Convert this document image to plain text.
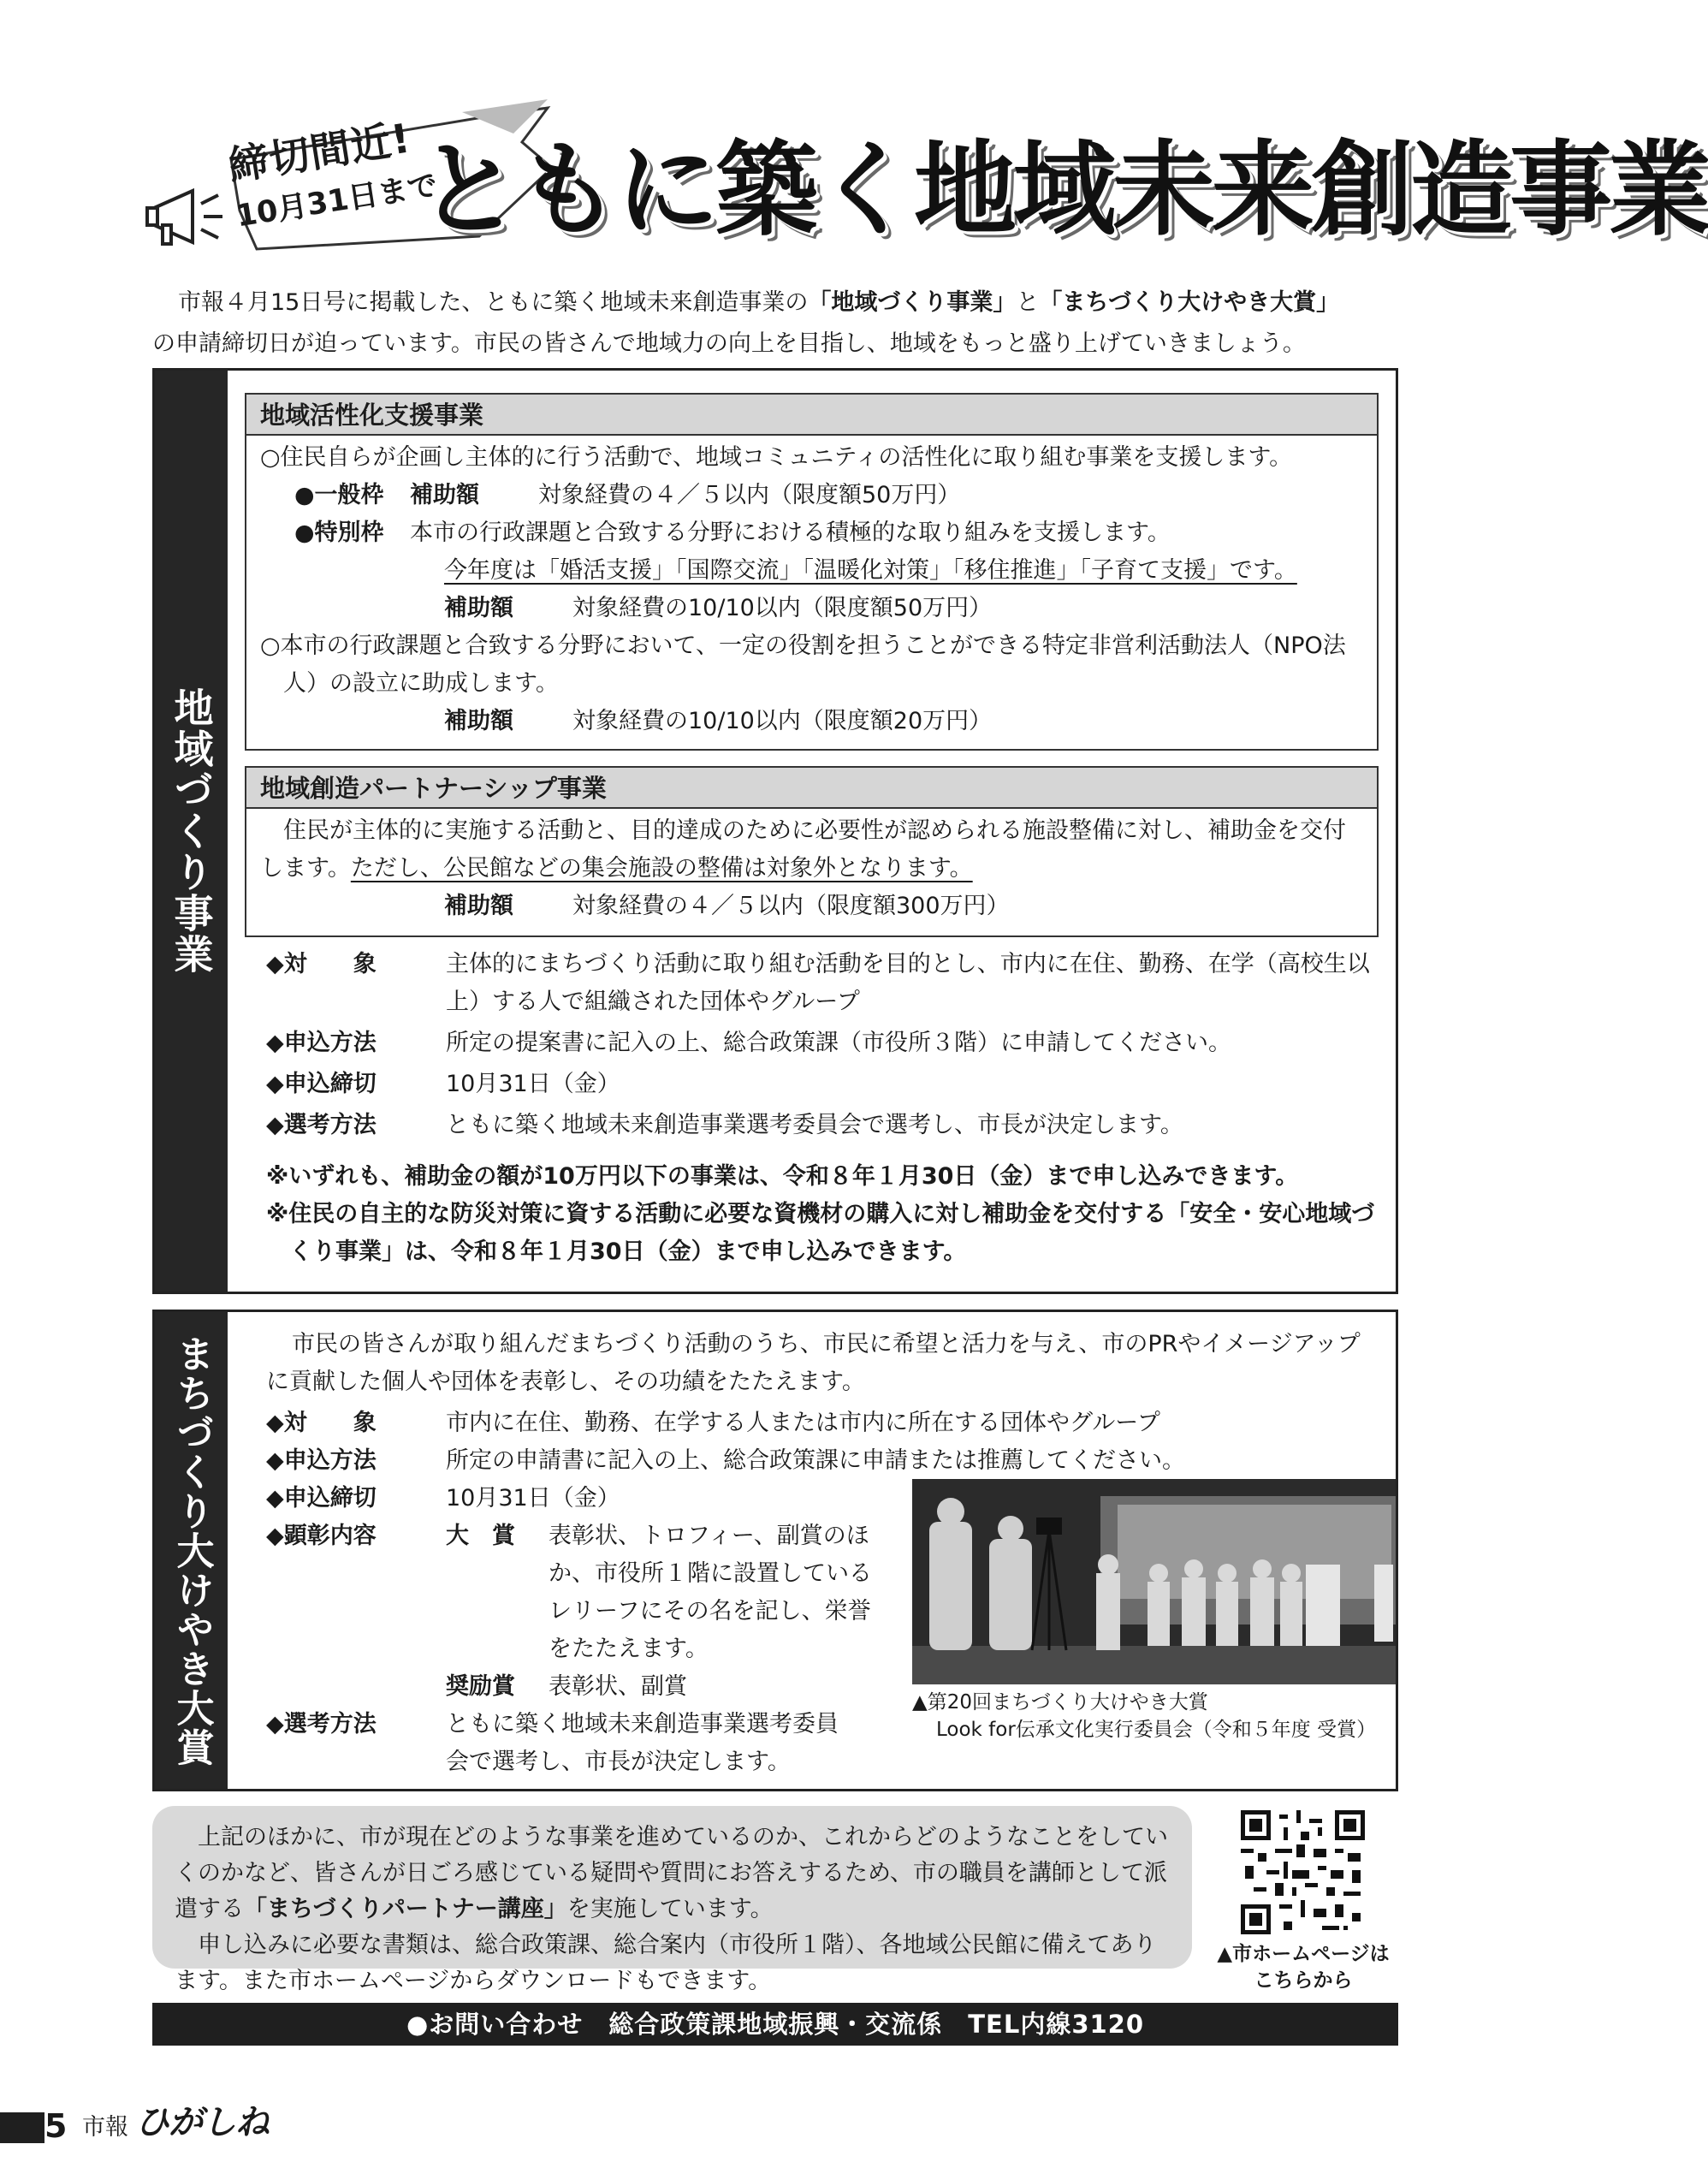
締切間近!
10月31日まで
ともに築く地域未来創造事業

市報４月15日号に掲載した、ともに築く地域未来創造事業の「地域づくり事業」と「まちづくり大けやき大賞」

の申請締切日が迫っています。市民の皆さんで地域力の向上を目指し、地域をもっと盛り上げていきましょう。

地域づくり事業
地域活性化支援事業
○住民自らが企画し主体的に行う活動で、地域コミュニティの活性化に取り組む事業を支援します。
●一般枠	補助額	対象経費の４／５以内（限度額50万円）
●特別枠	本市の行政課題と合致する分野における積極的な取り組みを支援します。
今年度は「婚活支援」「国際交流」「温暖化対策」「移住推進」「子育て支援」です。
補助額	対象経費の10/10以内（限度額50万円）
○本市の行政課題と合致する分野において、一定の役割を担うことができる特定非営利活動法人（NPO法人）の設立に助成します。
補助額	対象経費の10/10以内（限度額20万円）
地域創造パートナーシップ事業
住民が主体的に実施する活動と、目的達成のために必要性が認められる施設整備に対し、補助金を交付します。ただし、公民館などの集会施設の整備は対象外となります。
補助額	対象経費の４／５以内（限度額300万円）
◆対　　象	主体的にまちづくり活動に取り組む活動を目的とし、市内に在住、勤務、在学（高校生以上）する人で組織された団体やグループ
◆申込方法	所定の提案書に記入の上、総合政策課（市役所３階）に申請してください。
◆申込締切	10月31日（金）
◆選考方法	ともに築く地域未来創造事業選考委員会で選考し、市長が決定します。
※いずれも、補助金の額が10万円以下の事業は、令和８年１月30日（金）まで申し込みできます。
※住民の自主的な防災対策に資する活動に必要な資機材の購入に対し補助金を交付する「安全・安心地域づくり事業」は、令和８年１月30日（金）まで申し込みできます。
まちづくり大けやき大賞	市民の皆さんが取り組んだまちづくり活動のうち、市民に希望と活力を与え、市のPRやイメージアップに貢献した個人や団体を表彰し、その功績をたたえます。
◆対　　象	市内に在住、勤務、在学する人または市内に所在する団体やグループ
◆申込方法	所定の申請書に記入の上、総合政策課に申請または推薦してください。
◆申込締切	10月31日（金）
◆顕彰内容	大　賞	表彰状、トロフィー、副賞のほか、市役所１階に設置しているレリーフにその名を記し、栄誉をたたえます。
奨励賞	表彰状、副賞
◆選考方法	ともに築く地域未来創造事業選考委員会で選考し、市長が決定します。
▲第20回まちづくり大けやき大賞
Look for伝承文化実行委員会（令和５年度 受賞）

上記のほかに、市が現在どのような事業を進めているのか、これからどのようなことをしていくのかなど、皆さんが日ごろ感じている疑問や質問にお答えするため、市の職員を講師として派遣する「まちづくりパートナー講座」を実施しています。

申し込みに必要な書類は、総合政策課、総合案内（市役所１階）、各地域公民館に備えてあります。また市ホームページからダウンロードもできます。

▲市ホームページはこちらから
●お問い合わせ　総合政策課地域振興・交流係　TEL内線3120
5 市報 ひがしね
